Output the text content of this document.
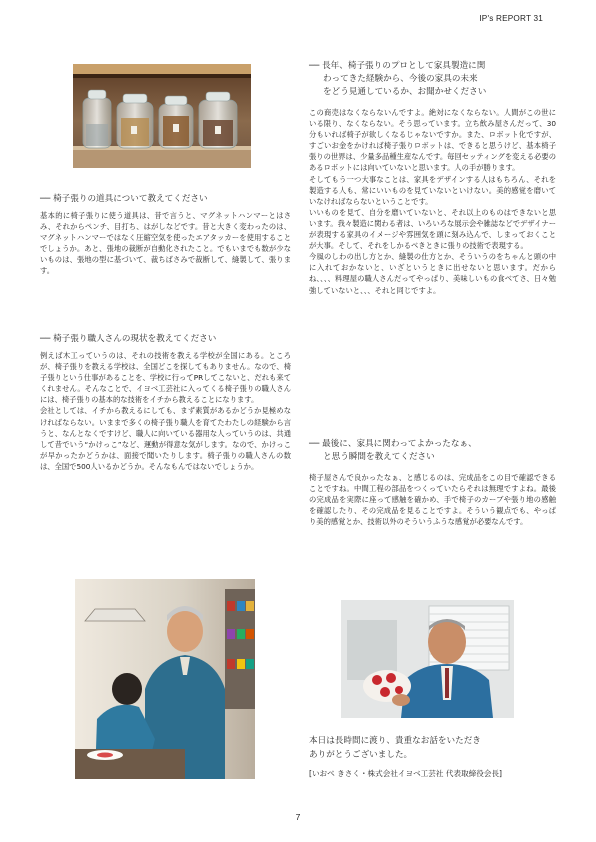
IP's REPORT 31

── 椅子張りの道具について教えてください

基本的に椅子張りに使う道具は、昔で言うと、マグネットハンマーとはさみ、それからペンチ、目打ち、はがしなどです。昔と大きく変わったのは、マグネットハンマーではなく圧縮空気を使ったエアタッカーを使用することでしょうか。あと、張地の裁断が自動化されたこと。でもいまでも数が少ないものは、張地の型に基づいて、裁ちばさみで裁断して、縫製して、張ります。

── 椅子張り職人さんの現状を教えてください

例えば木工っていうのは、それの技術を教える学校が全国にある。ところが、椅子張りを教える学校は、全国どこを探してもありません。なので、椅子張りという仕事があることを、学校に行ってPRしてこないと、だれも来てくれません。そんなことで、イヨベ工芸社に入ってくる椅子張りの職人さんには、椅子張りの基本的な技術をイチから教えることになります。

会社としては、イチから教えるにしても、まず素質があるかどうか見極めなければならない。いままで多くの椅子張り職人を育てたわたしの経験から言うと、なんとなくですけど、職人に向いている器用な人っていうのは、共通して昔でいう“かけっこ”など、運動が得意な気がします。なので、かけっこが早かったかどうかは、面接で聞いたりします。椅子張りの職人さんの数は、全国で500人いるかどうか。そんなもんではないでしょうか。

── 長年、椅子張りのプロとして家具製造に関

わってきた経験から、今後の家具の未来

をどう見通しているか、お聞かせください

この商売はなくならないんですよ。絶対になくならない。人間がこの世にいる限り、なくならない。そう思っています。立ち飲み屋さんだって、30分もいれば椅子が欲しくなるじゃないですか。また、ロボット化ですが、すごいお金をかければ椅子張りロボットは、できると思うけど、基本椅子張りの世界は、少量多品種生産なんです。毎回セッティングを変える必要のあるロボットには向いていないと思います。人の手が勝ります。

そしてもう一つ大事なことは、家具をデザインする人はもちろん、それを製造する人も、常にいいものを見ていないといけない。美的感覚を磨いていなければならないということです。

いいものを見て、自分を磨いていないと、それ以上のものはできないと思います。我々製造に関わる者は、いろいろな展示会や雑誌などでデザイナーが表現する家具のイメージや雰囲気を頭に刻み込んで、しまっておくことが大事。そして、それをしかるべきときに張りの技術で表現する。

今風のしわの出し方とか、縫製の仕方とか、そういうのをちゃんと頭の中に入れておかないと、いざというときに出せないと思います。だからね、、、、料理屋の職人さんだってやっぱり、美味しいもの食べてさ、日々勉強していないと、、、それと同じですよ。

── 最後に、家具に関わってよかったなぁ、

と思う瞬間を教えてください

椅子屋さんで良かったなぁ、と感じるのは、完成品をこの目で確認できることですね。中間工程の部品をつくっていたらそれは無理ですよね。最後の完成品を実際に座って感触を確かめ、手で椅子のカーブや張り地の感触を確認したり、その完成品を見ることですよ。そういう観点でも、やっぱり美的感覚とか、技術以外のそういうふうな感覚が必要なんです。

本日は長時間に渡り、貴重なお話をいただき

ありがとうございました。

[いおべ きさく・株式会社イヨベ工芸社 代表取締役会長]

7
